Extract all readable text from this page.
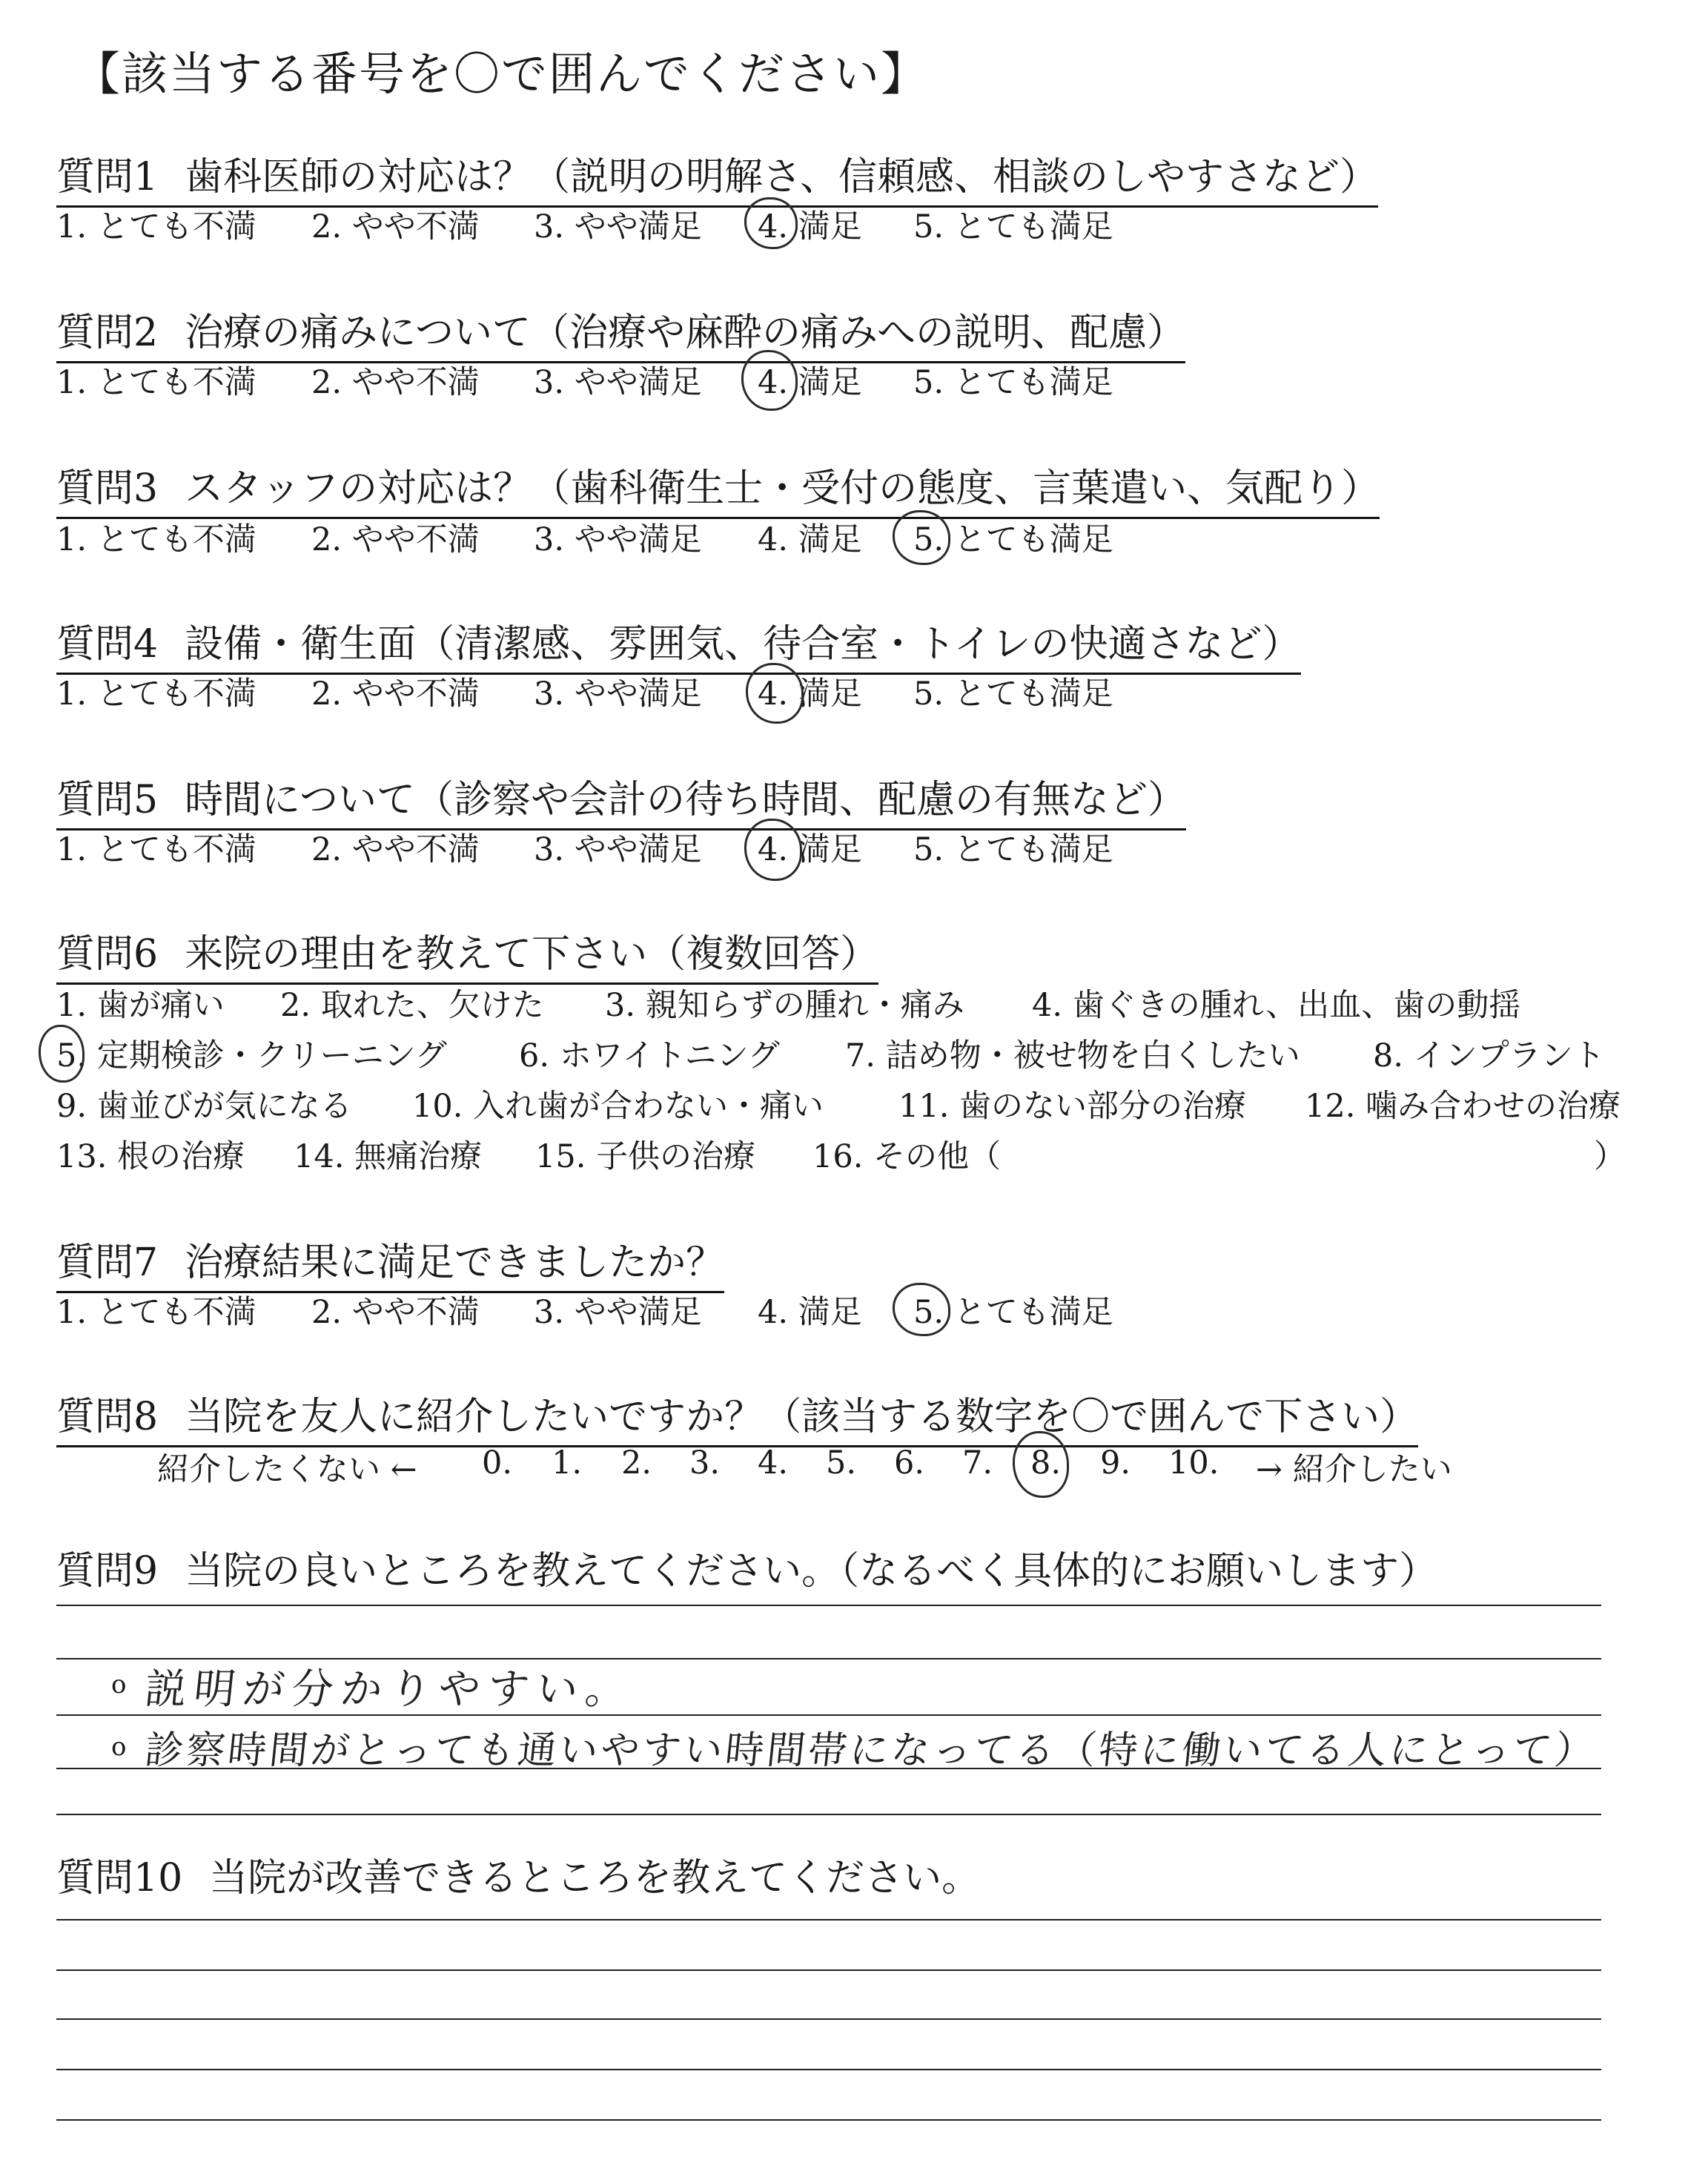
【該当する番号を〇で囲んでください】
質問1 歯科医師の対応は？（説明の明解さ、信頼感、相談のしやすさなど）
1. とても不満 2. やや不満 3. やや満足 4. 満足 5. とても満足
質問2 治療の痛みについて（治療や麻酔の痛みへの説明、配慮）
1. とても不満 2. やや不満 3. やや満足 4. 満足 5. とても満足
質問3 スタッフの対応は？（歯科衛生士・受付の態度、言葉遣い、気配り）
1. とても不満 2. やや不満 3. やや満足 4. 満足 5. とても満足
質問4 設備・衛生面（清潔感、雰囲気、待合室・トイレの快適さなど）
1. とても不満 2. やや不満 3. やや満足 4. 満足 5. とても満足
質問5 時間について（診察や会計の待ち時間、配慮の有無など）
1. とても不満 2. やや不満 3. やや満足 4. 満足 5. とても満足
質問6 来院の理由を教えて下さい（複数回答）
1. 歯が痛い 2. 取れた、欠けた 3. 親知らずの腫れ・痛み 4. 歯ぐきの腫れ、出血、歯の動揺
5. 定期検診・クリーニング 6. ホワイトニング 7. 詰め物・被せ物を白くしたい 8. インプラント
9. 歯並びが気になる 10. 入れ歯が合わない・痛い 11. 歯のない部分の治療 12. 噛み合わせの治療
13. 根の治療 14. 無痛治療 15. 子供の治療 16. その他（	）
質問7 治療結果に満足できましたか？
1. とても不満 2. やや不満 3. やや満足 4. 満足 5. とても満足
質問8 当院を友人に紹介したいですか？（該当する数字を〇で囲んで下さい）
紹介したくない ← 0. 1. 2. 3. 4. 5. 6. 7. 8. 9. 10. → 紹介したい
質問9 当院の良いところを教えてください。（なるべく具体的にお願いします）
o 説明が分かりやすい。
o 診察時間がとっても通いやすい時間帯になってる（特に働いてる人にとって）
質問10 当院が改善できるところを教えてください。
